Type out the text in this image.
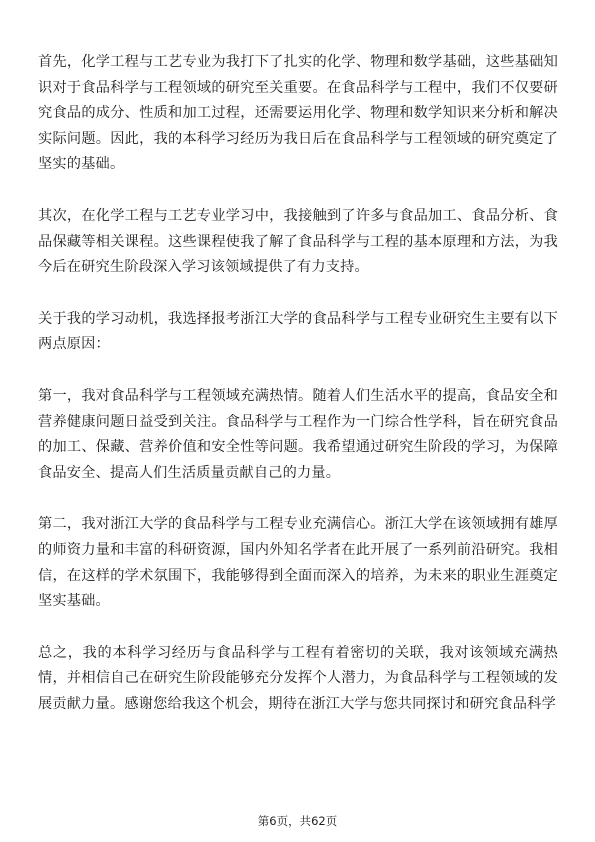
首先，化学工程与工艺专业为我打下了扎实的化学、物理和数学基础，这些基础知识对于食品科学与工程领域的研究至关重要。在食品科学与工程中，我们不仅要研究食品的成分、性质和加工过程，还需要运用化学、物理和数学知识来分析和解决实际问题。因此，我的本科学习经历为我日后在食品科学与工程领域的研究奠定了坚实的基础。

其次，在化学工程与工艺专业学习中，我接触到了许多与食品加工、食品分析、食品保藏等相关课程。这些课程使我了解了食品科学与工程的基本原理和方法，为我今后在研究生阶段深入学习该领域提供了有力支持。

关于我的学习动机，我选择报考浙江大学的食品科学与工程专业研究生主要有以下两点原因：

第一，我对食品科学与工程领域充满热情。随着人们生活水平的提高，食品安全和营养健康问题日益受到关注。食品科学与工程作为一门综合性学科，旨在研究食品的加工、保藏、营养价值和安全性等问题。我希望通过研究生阶段的学习，为保障食品安全、提高人们生活质量贡献自己的力量。

第二，我对浙江大学的食品科学与工程专业充满信心。浙江大学在该领域拥有雄厚的师资力量和丰富的科研资源，国内外知名学者在此开展了一系列前沿研究。我相信，在这样的学术氛围下，我能够得到全面而深入的培养，为未来的职业生涯奠定坚实基础。

总之，我的本科学习经历与食品科学与工程有着密切的关联，我对该领域充满热情，并相信自己在研究生阶段能够充分发挥个人潜力，为食品科学与工程领域的发展贡献力量。感谢您给我这个机会，期待在浙江大学与您共同探讨和研究食品科学

第6页，共62页
